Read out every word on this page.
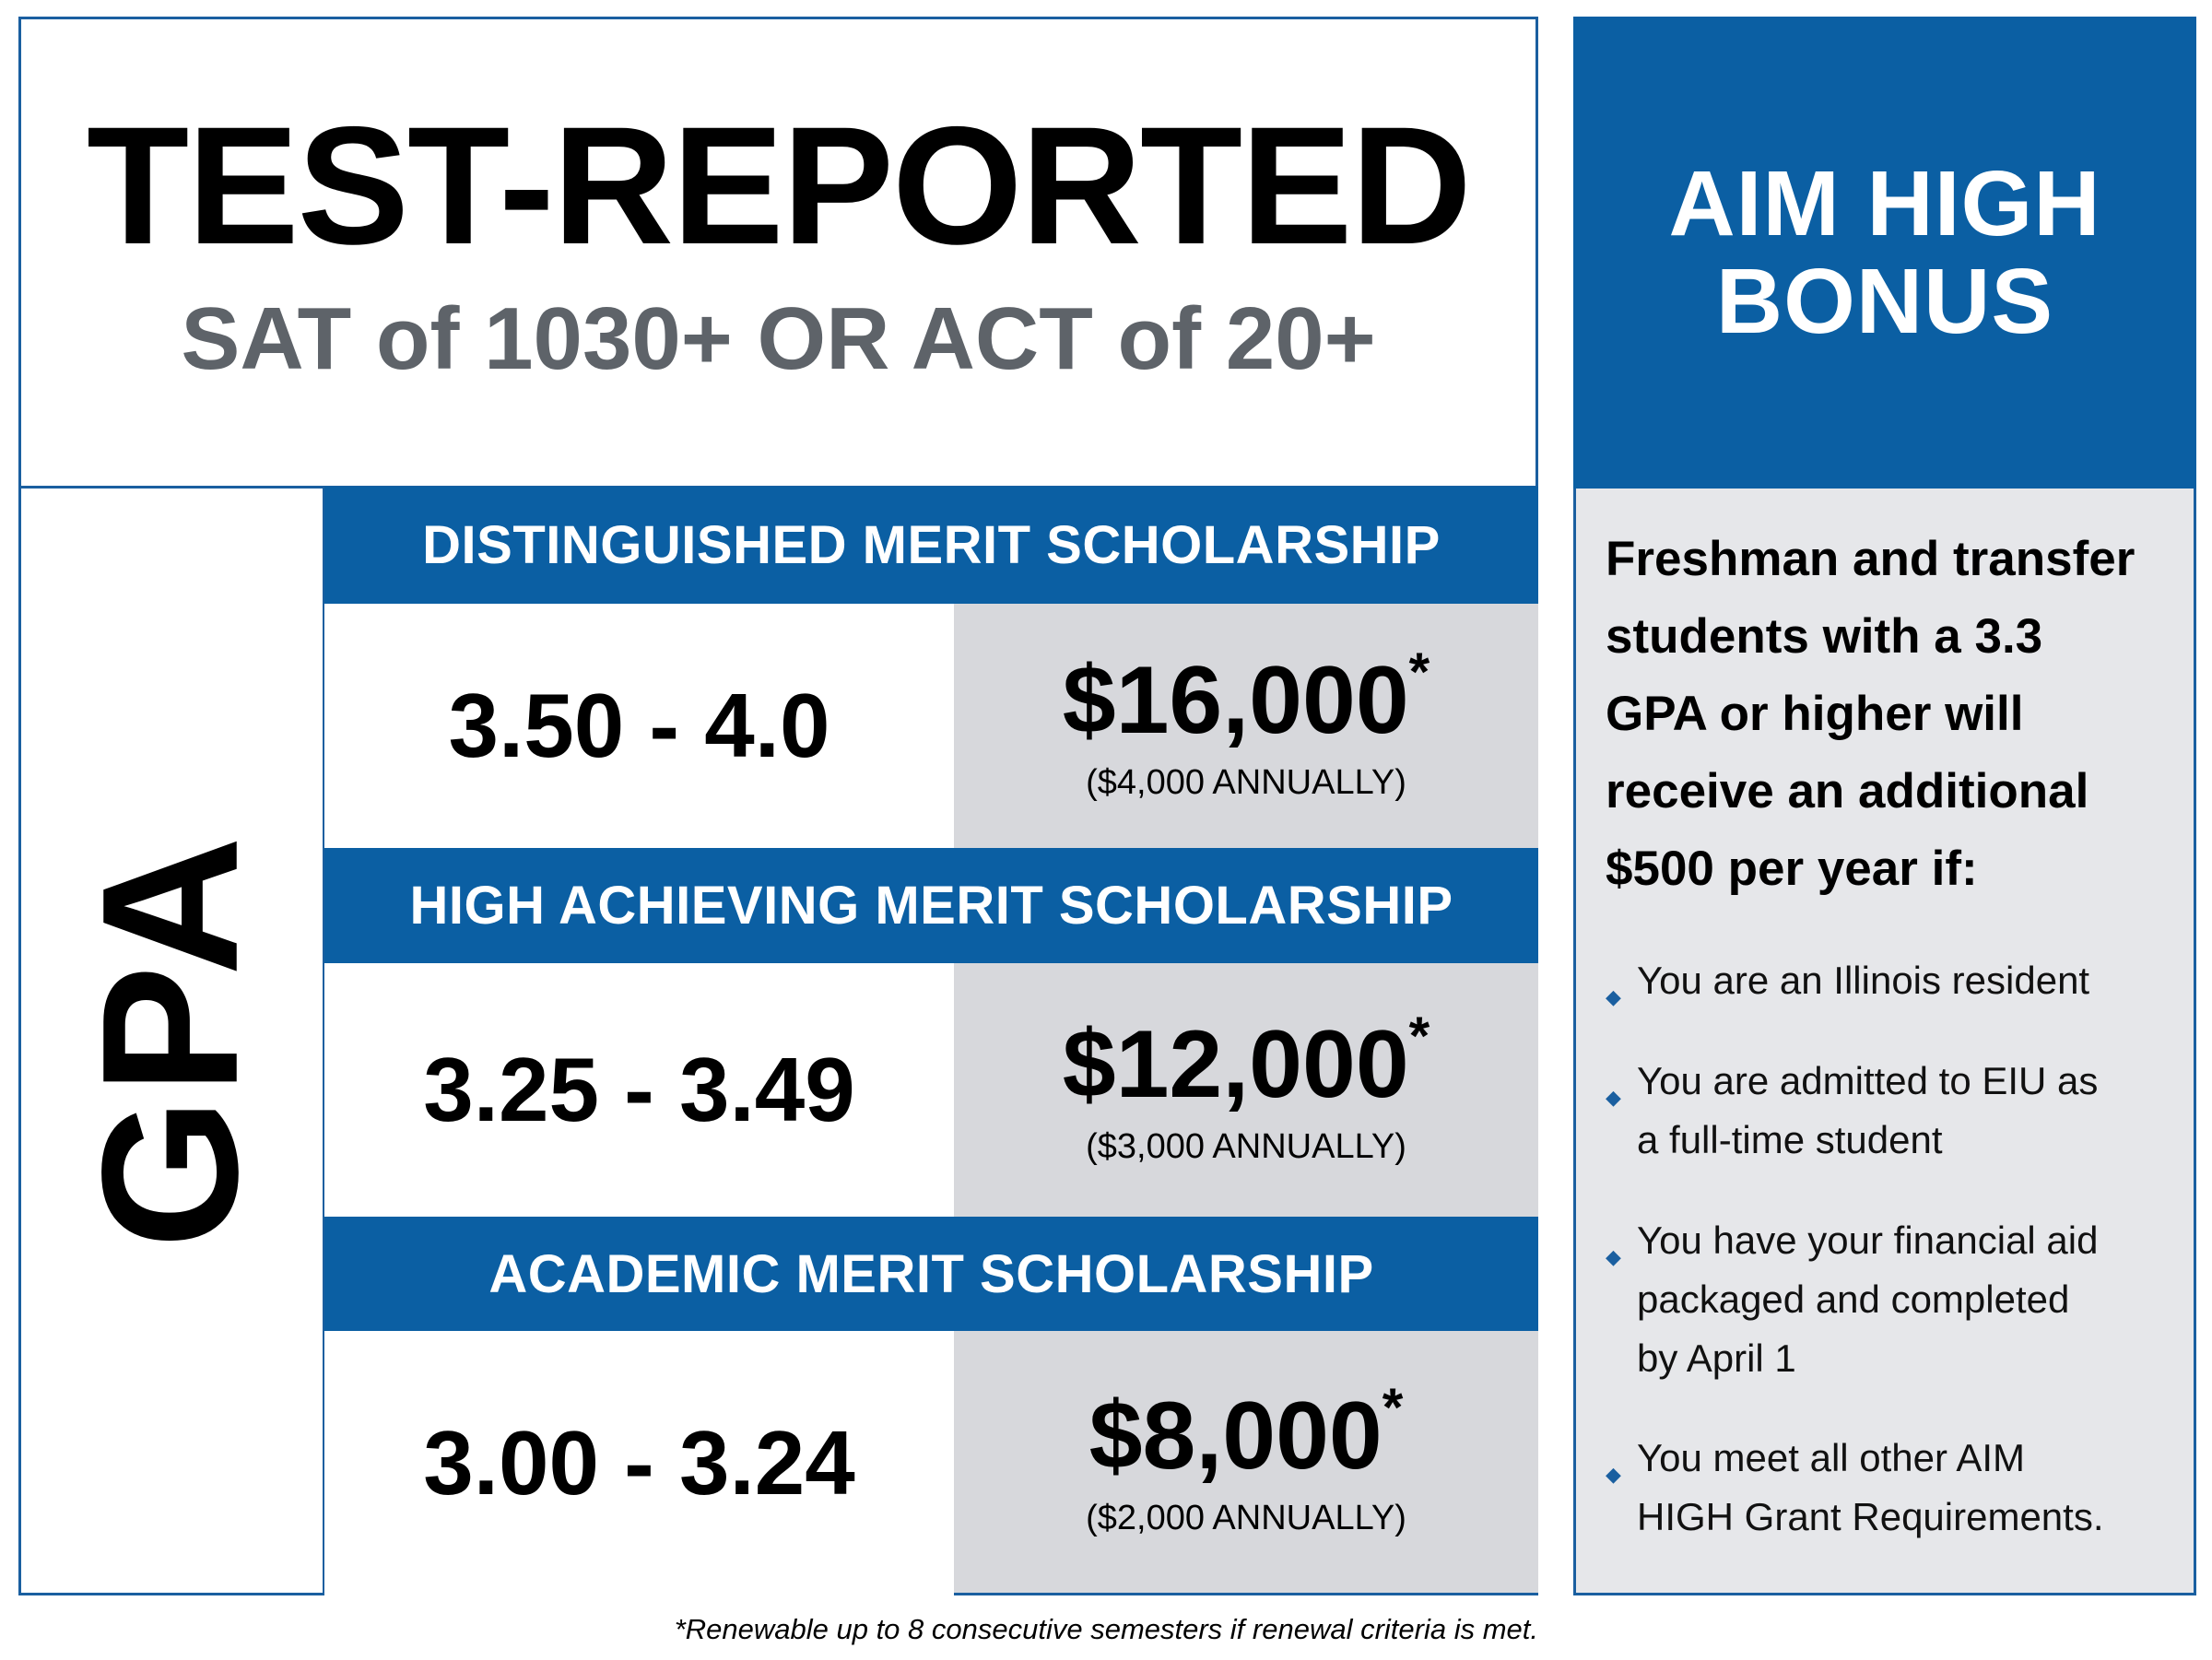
TEST-REPORTED
SAT of 1030+ OR ACT of 20+
GPA
DISTINGUISHED MERIT SCHOLARSHIP
3.50 - 4.0	$16,000*
($4,000 ANNUALLY)
HIGH ACHIEVING MERIT SCHOLARSHIP
3.25 - 3.49	$12,000*
($3,000 ANNUALLY)
ACADEMIC MERIT SCHOLARSHIP
3.00 - 3.24	$8,000*
($2,000 ANNUALLY)
*Renewable up to 8 consecutive semesters if renewal criteria is met.
AIM HIGH
BONUS
Freshman and transfer
students with a 3.3
GPA or higher will
receive an additional
$500 per year if:
◆ You are an Illinois resident
◆ You are admitted to EIU as
a full-time student
◆ You have your financial aid
packaged and completed
by April 1
◆ You meet all other AIM
HIGH Grant Requirements.
